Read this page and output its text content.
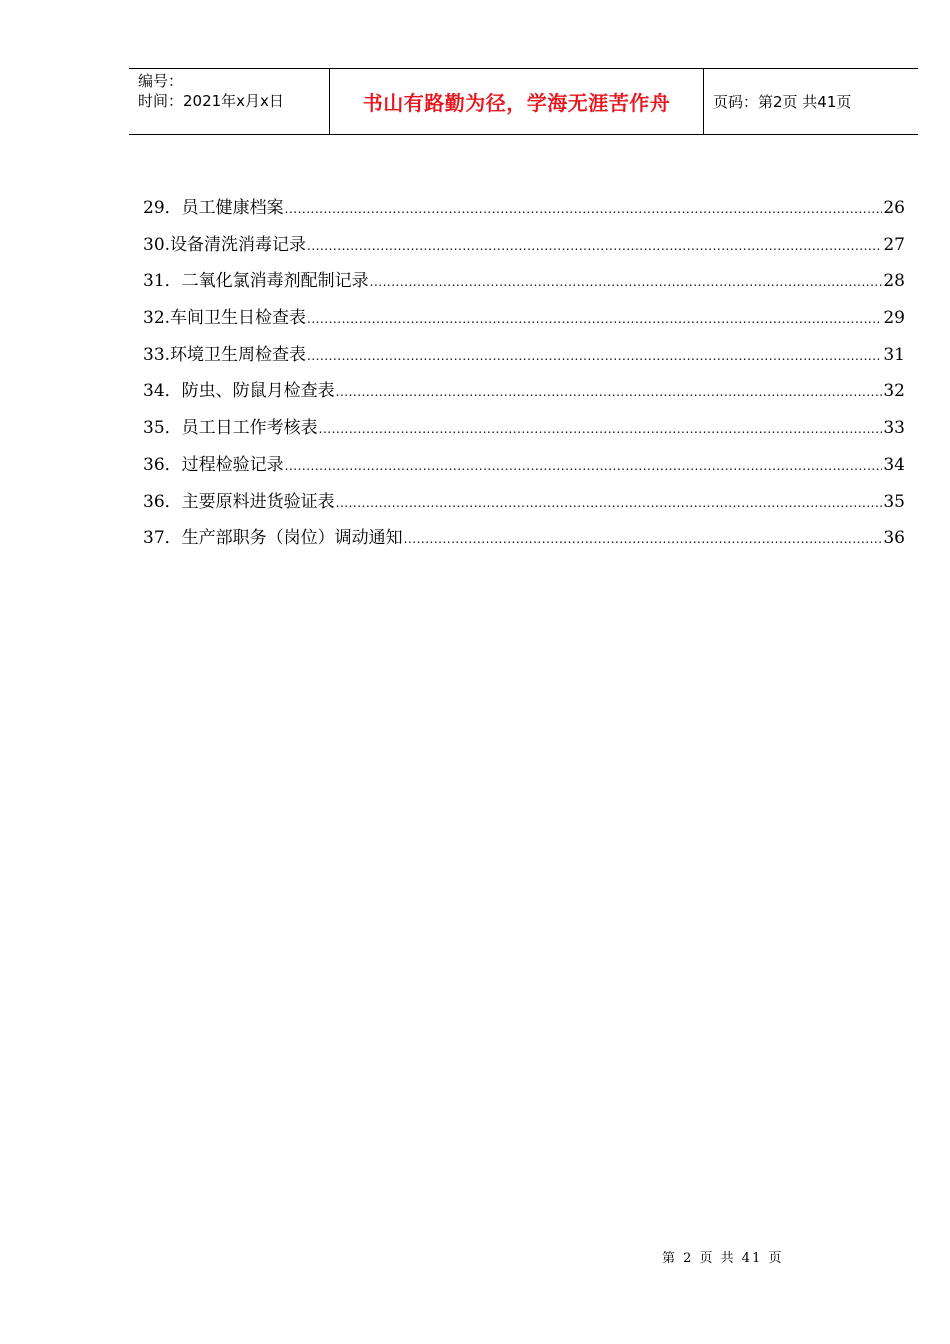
编号：
时间：2021年x月x日	书山有路勤为径，学海无涯苦作舟	页码：第2页 共41页
29．员工健康档案 .....	26
30.设备清洗消毒记录 .....	27
31．二氧化氯消毒剂配制记录 .....	28
32.车间卫生日检查表 .....	29
33.环境卫生周检查表 .....	31
34．防虫、防鼠月检查表 .....	32
35．员工日工作考核表 .....	33
36．过程检验记录 .....	34
36．主要原料进货验证表 .....	35
37．生产部职务（岗位）调动通知 .....	36
第 2 页 共 41 页
